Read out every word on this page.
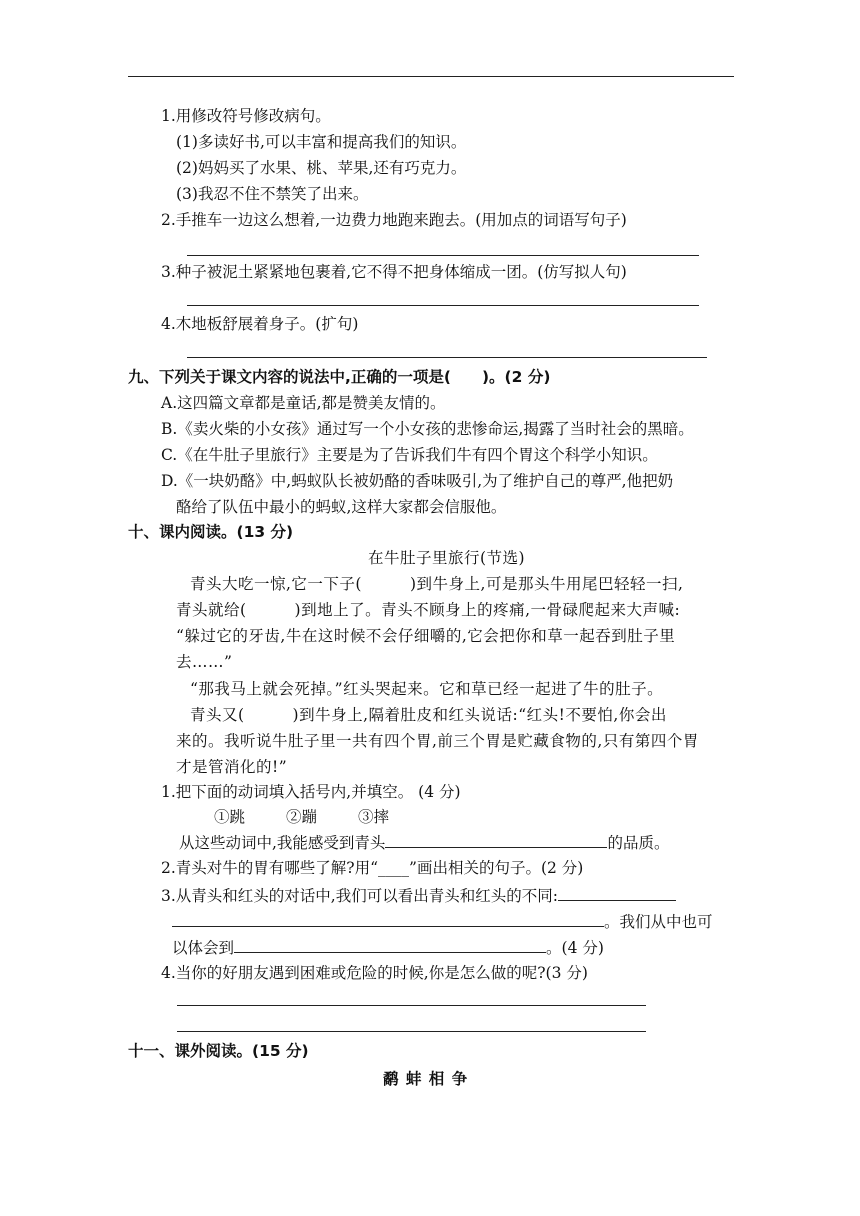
1.用修改符号修改病句。
(1)多读好书,可以丰富和提高我们的知识。
(2)妈妈买了水果、桃、苹果,还有巧克力。
(3)我忍不住不禁笑了出来。
2.手推车一边这么想着,一边费力地跑来跑去。(用加点的词语写句子)
3.种子被泥土紧紧地包裹着,它不得不把身体缩成一团。(仿写拟人句)
4.木地板舒展着身子。(扩句)
九、下列关于课文内容的说法中,正确的一项是(　　)。(2 分)
A.这四篇文章都是童话,都是赞美友情的。
B.《卖火柴的小女孩》通过写一个小女孩的悲惨命运,揭露了当时社会的黑暗。
C.《在牛肚子里旅行》主要是为了告诉我们牛有四个胃这个科学小知识。
D.《一块奶酪》中,蚂蚁队长被奶酪的香味吸引,为了维护自己的尊严,他把奶
酪给了队伍中最小的蚂蚁,这样大家都会信服他。
十、课内阅读。(13 分)
在牛肚子里旅行(节选)
青头大吃一惊,它一下子(　　　)到牛身上,可是那头牛用尾巴轻轻一扫,
青头就给(　　　)到地上了。青头不顾身上的疼痛,一骨碌爬起来大声喊:
“躲过它的牙齿,牛在这时候不会仔细嚼的,它会把你和草一起吞到肚子里
去……”
“那我马上就会死掉。”红头哭起来。它和草已经一起进了牛的肚子。
青头又(　　　)到牛身上,隔着肚皮和红头说话:“红头!不要怕,你会出
来的。我听说牛肚子里一共有四个胃,前三个胃是贮藏食物的,只有第四个胃
才是管消化的!”
1.把下面的动词填入括号内,并填空。 (4 分)
①跳	②蹦	③摔
从这些动词中,我能感受到青头	的品质。
2.青头对牛的胃有哪些了解?用“____”画出相关的句子。(2 分)
3.从青头和红头的对话中,我们可以看出青头和红头的不同:
。我们从中也可
以体会到	。(4 分)
4.当你的好朋友遇到困难或危险的时候,你是怎么做的呢?(3 分)
十一、课外阅读。(15 分)
鹬 蚌 相 争
